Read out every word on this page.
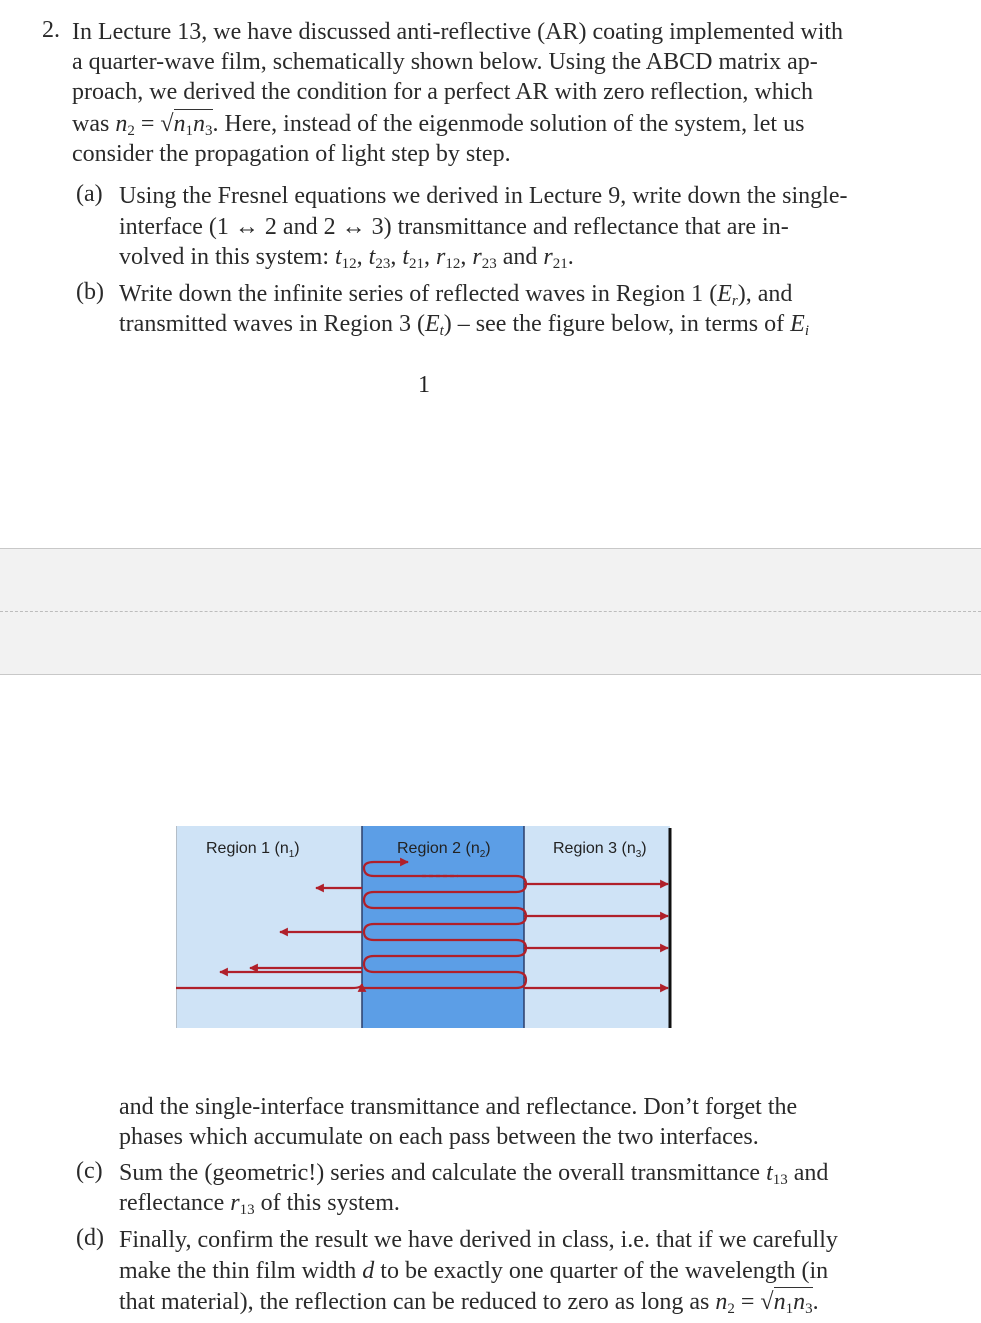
2. In Lecture 13, we have discussed anti-reflective (AR) coating implemented with
a quarter-wave film, schematically shown below. Using the ABCD matrix ap-
proach, we derived the condition for a perfect AR with zero reflection, which
was $n_2 = √n_1n_3$. Here, instead of the eigenmode solution of the system, let us
consider the propagation of light step by step.
(a) Using the Fresnel equations we derived in Lecture 9, write down the single-
interface (1 ↔ 2 and 2 ↔ 3) transmittance and reflectance that are in-
volved in this system: $t_{12}$, $t_{23}$, $t_{21}$, $r_{12}$, $r_{23}$ and $r_{21}$.
(b) Write down the infinite series of reflected waves in Region 1 $(E_r)$, and
transmitted waves in Region 3 $(E_t)$ – see the figure below, in terms of $E_i$
1
Region 1 $(n_1)$	Region 2 $(n_2)$	Region 3 $(n_3)$
and the single-interface transmittance and reflectance. Don’t forget the
phases which accumulate on each pass between the two interfaces.
(c) Sum the (geometric!) series and calculate the overall transmittance $t_{13}$ and
reflectance $r_{13}$ of this system.
(d) Finally, confirm the result we have derived in class, i.e. that if we carefully
make the thin film width d to be exactly one quarter of the wavelength (in
that material), the reflection can be reduced to zero as long as $n_2 = √n_1n_3$.
